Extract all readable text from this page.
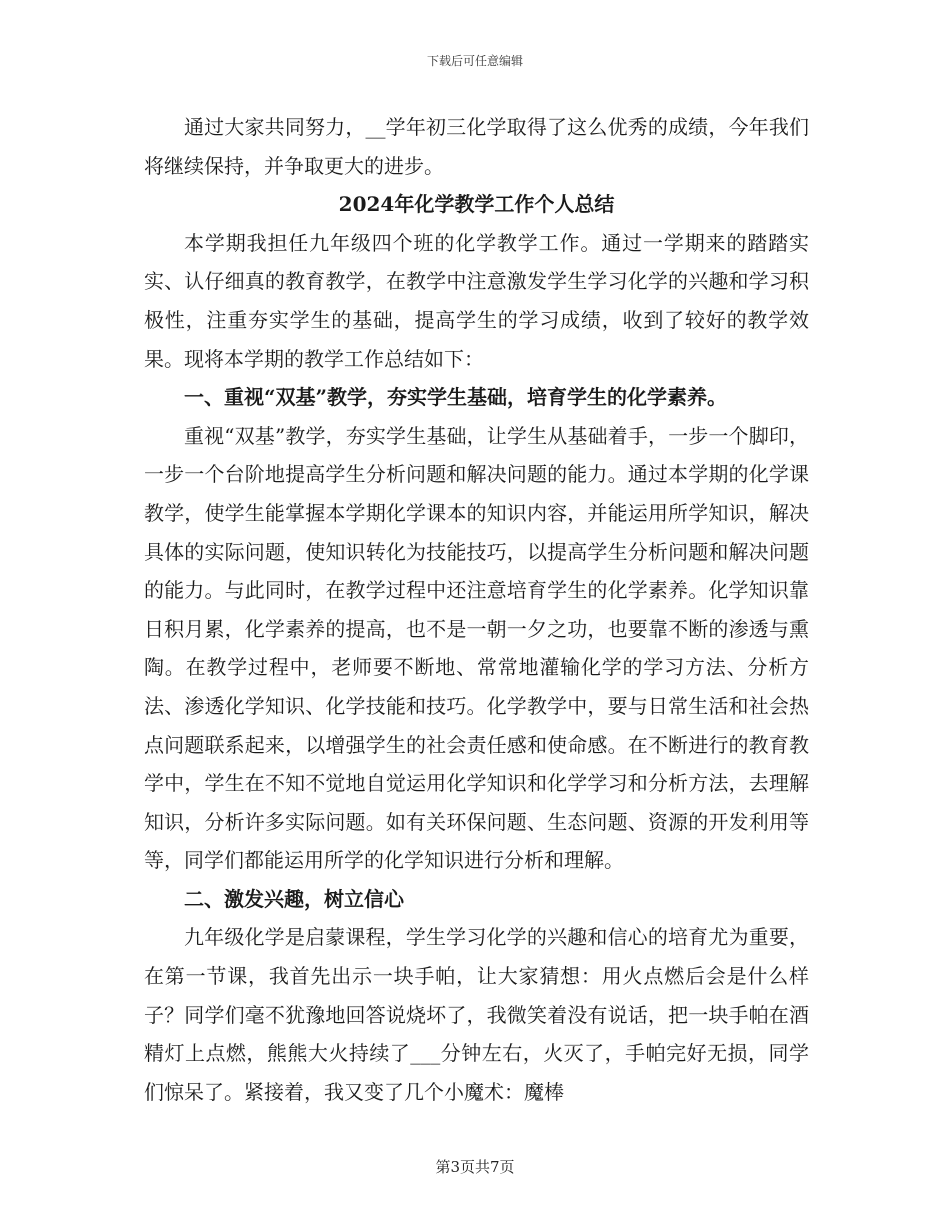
下载后可任意编辑

通过大家共同努力，__学年初三化学取得了这么优秀的成绩，今年我们将继续保持，并争取更大的进步。

2024年化学教学工作个人总结

本学期我担任九年级四个班的化学教学工作。通过一学期来的踏踏实实、认仔细真的教育教学，在教学中注意激发学生学习化学的兴趣和学习积极性，注重夯实学生的基础，提高学生的学习成绩，收到了较好的教学效果。现将本学期的教学工作总结如下：

一、重视“双基”教学，夯实学生基础，培育学生的化学素养。

重视“双基”教学，夯实学生基础，让学生从基础着手，一步一个脚印，一步一个台阶地提高学生分析问题和解决问题的能力。通过本学期的化学课教学，使学生能掌握本学期化学课本的知识内容，并能运用所学知识，解决具体的实际问题，使知识转化为技能技巧，以提高学生分析问题和解决问题的能力。与此同时，在教学过程中还注意培育学生的化学素养。化学知识靠日积月累，化学素养的提高，也不是一朝一夕之功，也要靠不断的渗透与熏陶。在教学过程中，老师要不断地、常常地灌输化学的学习方法、分析方法、渗透化学知识、化学技能和技巧。化学教学中，要与日常生活和社会热点问题联系起来，以增强学生的社会责任感和使命感。在不断进行的教育教学中，学生在不知不觉地自觉运用化学知识和化学学习和分析方法，去理解知识，分析许多实际问题。如有关环保问题、生态问题、资源的开发利用等等，同学们都能运用所学的化学知识进行分析和理解。

二、激发兴趣，树立信心

九年级化学是启蒙课程，学生学习化学的兴趣和信心的培育尤为重要，在第一节课，我首先出示一块手帕，让大家猜想：用火点燃后会是什么样子？同学们毫不犹豫地回答说烧坏了，我微笑着没有说话，把一块手帕在酒精灯上点燃，熊熊大火持续了___分钟左右，火灭了，手帕完好无损，同学们惊呆了。紧接着，我又变了几个小魔术：魔棒

第3页共7页
